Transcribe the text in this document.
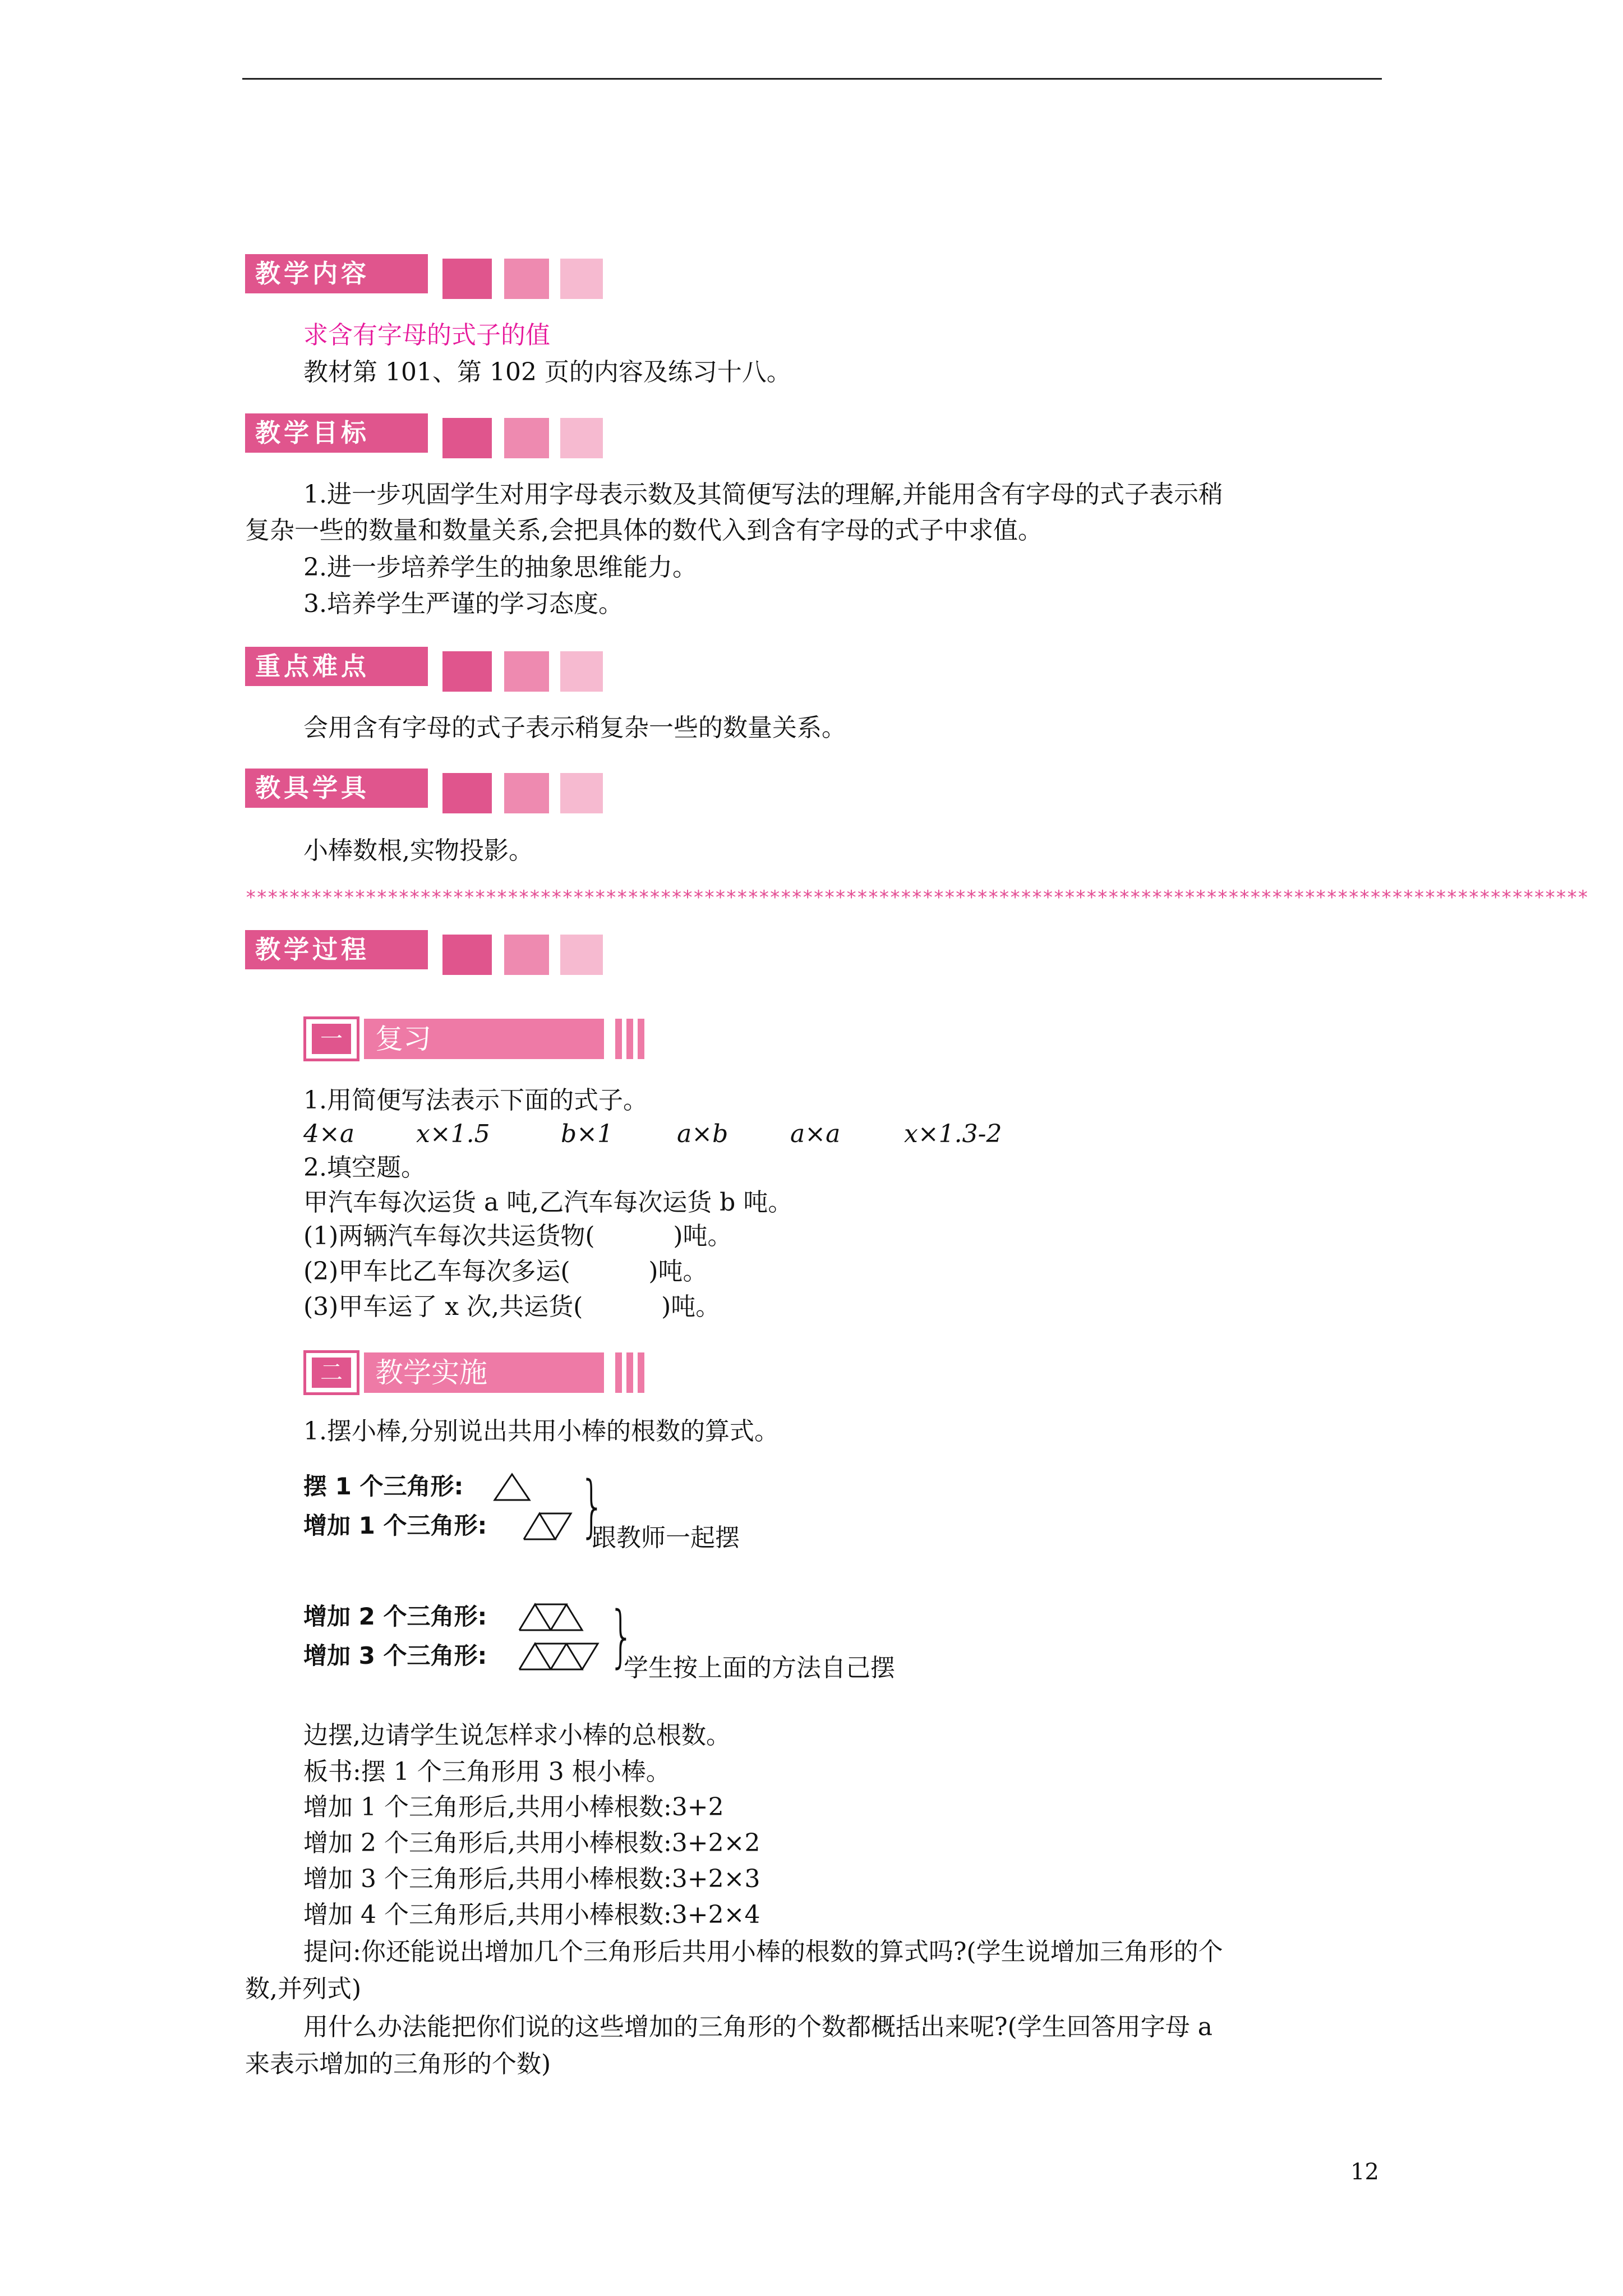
教学内容
求含有字母的式子的值
教材第 101、第 102 页的内容及练习十八。
教学目标
1.进一步巩固学生对用字母表示数及其简便写法的理解,并能用含有字母的式子表示稍
复杂一些的数量和数量关系,会把具体的数代入到含有字母的式子中求值。
2.进一步培养学生的抽象思维能力。
3.培养学生严谨的学习态度。
重点难点
会用含有字母的式子表示稍复杂一些的数量关系。
教具学具
小棒数根,实物投影。
***************************************************************************************************************************
教学过程
一	复习
1.用简便写法表示下面的式子。
4×a x×1.5	b×1	a×b	a×a	x×1.3-2
2.填空题。
甲汽车每次运货 a 吨,乙汽车每次运货 b 吨。
(1)两辆汽车每次共运货物(          )吨。
(2)甲车比乙车每次多运(          )吨。
(3)甲车运了 x 次,共运货(          )吨。
二	教学实施
1.摆小棒,分别说出共用小棒的根数的算式。
摆 1 个三角形:
增加 1 个三角形: }
跟教师一起摆
增加 2 个三角形:
增加 3 个三角形: }
学生按上面的方法自己摆
边摆,边请学生说怎样求小棒的总根数。
板书:摆 1 个三角形用 3 根小棒。
增加 1 个三角形后,共用小棒根数:3+2
增加 2 个三角形后,共用小棒根数:3+2×2
增加 3 个三角形后,共用小棒根数:3+2×3
增加 4 个三角形后,共用小棒根数:3+2×4
提问:你还能说出增加几个三角形后共用小棒的根数的算式吗?(学生说增加三角形的个
数,并列式)
用什么办法能把你们说的这些增加的三角形的个数都概括出来呢?(学生回答用字母 a
来表示增加的三角形的个数)
12
